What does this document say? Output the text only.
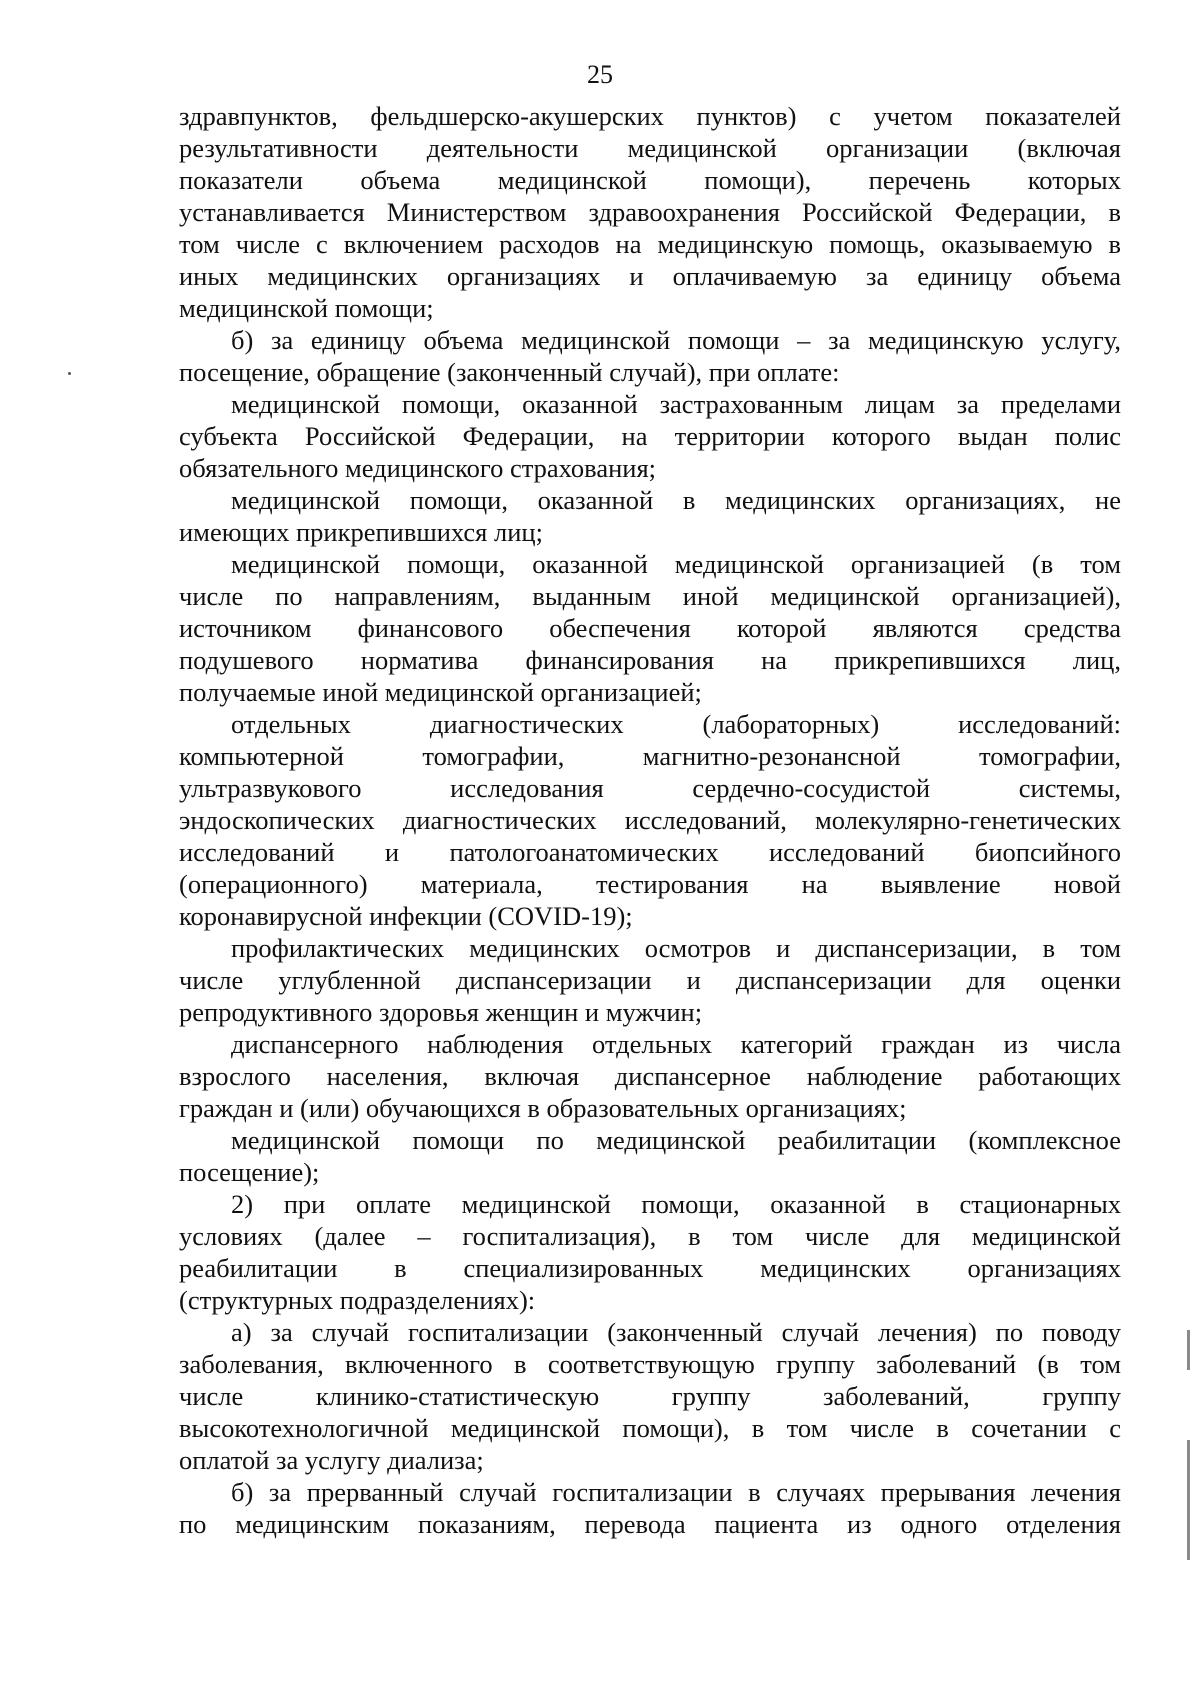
25
здравпунктов, фельдшерско-акушерских пунктов) с учетом показателей
результативности деятельности медицинской организации (включая
показатели объема медицинской помощи), перечень которых
устанавливается Министерством здравоохранения Российской Федерации, в
том числе с включением расходов на медицинскую помощь, оказываемую в
иных медицинских организациях и оплачиваемую за единицу объема
медицинской помощи;
б) за единицу объема медицинской помощи – за медицинскую услугу,
посещение, обращение (законченный случай), при оплате:
медицинской помощи, оказанной застрахованным лицам за пределами
субъекта Российской Федерации, на территории которого выдан полис
обязательного медицинского страхования;
медицинской помощи, оказанной в медицинских организациях, не
имеющих прикрепившихся лиц;
медицинской помощи, оказанной медицинской организацией (в том
числе по направлениям, выданным иной медицинской организацией),
источником финансового обеспечения которой являются средства
подушевого норматива финансирования на прикрепившихся лиц,
получаемые иной медицинской организацией;
отдельных диагностических (лабораторных) исследований:
компьютерной томографии, магнитно-резонансной томографии,
ультразвукового исследования сердечно-сосудистой системы,
эндоскопических диагностических исследований, молекулярно-генетических
исследований и патологоанатомических исследований биопсийного
(операционного) материала, тестирования на выявление новой
коронавирусной инфекции (COVID-19);
профилактических медицинских осмотров и диспансеризации, в том
числе углубленной диспансеризации и диспансеризации для оценки
репродуктивного здоровья женщин и мужчин;
диспансерного наблюдения отдельных категорий граждан из числа
взрослого населения, включая диспансерное наблюдение работающих
граждан и (или) обучающихся в образовательных организациях;
медицинской помощи по медицинской реабилитации (комплексное
посещение);
2) при оплате медицинской помощи, оказанной в стационарных
условиях (далее – госпитализация), в том числе для медицинской
реабилитации в специализированных медицинских организациях
(структурных подразделениях):
а) за случай госпитализации (законченный случай лечения) по поводу
заболевания, включенного в соответствующую группу заболеваний (в том
числе клинико-статистическую группу заболеваний, группу
высокотехнологичной медицинской помощи), в том числе в сочетании с
оплатой за услугу диализа;
б) за прерванный случай госпитализации в случаях прерывания лечения
по медицинским показаниям, перевода пациента из одного отделения
